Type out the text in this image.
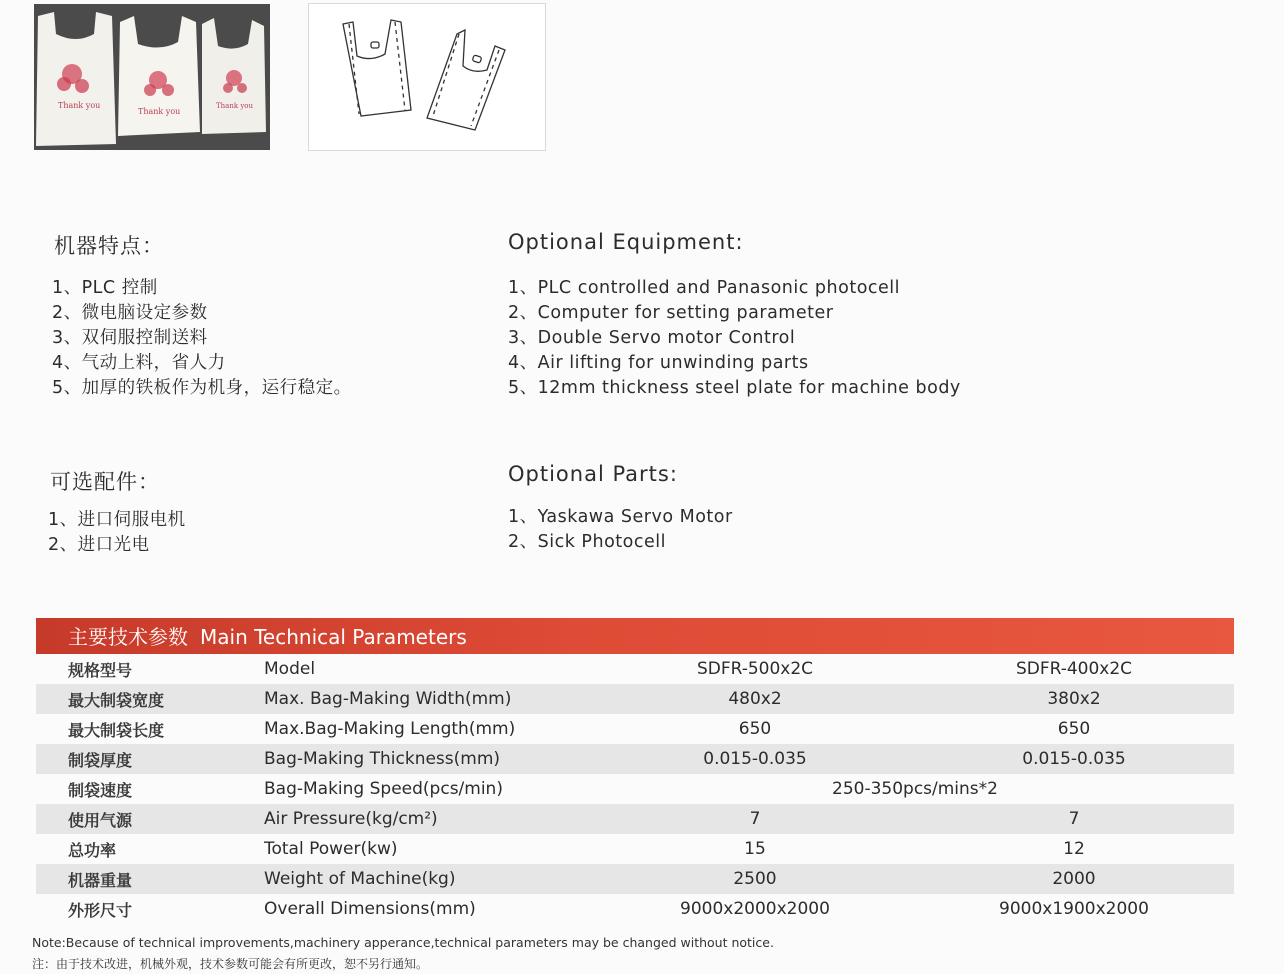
Thank you
Thank you
Thank you
机器特点：
1、PLC 控制
2、微电脑设定参数
3、双伺服控制送料
4、气动上料，省人力
5、加厚的铁板作为机身，运行稳定。
Optional Equipment:
1、PLC controlled and Panasonic photocell
2、Computer for setting parameter
3、Double Servo motor Control
4、Air lifting for unwinding parts
5、12mm thickness steel plate for machine body
可选配件：
1、进口伺服电机
2、进口光电
Optional Parts:
1、Yaskawa Servo Motor
2、Sick Photocell
主要技术参数 Main Technical Parameters
规格型号	Model	SDFR-500x2C	SDFR-400x2C
最大制袋宽度	Max. Bag-Making Width(mm)	480x2	380x2
最大制袋长度	Max.Bag-Making Length(mm)	650	650
制袋厚度	Bag-Making Thickness(mm)	0.015-0.035	0.015-0.035
制袋速度	Bag-Making Speed(pcs/min)	250-350pcs/mins*2	
使用气源	Air Pressure(kg/cm²)	7	7
总功率	Total Power(kw)	15	12
机器重量	Weight of Machine(kg)	2500	2000
外形尺寸	Overall Dimensions(mm)	9000x2000x2000	9000x1900x2000
Note:Because of technical improvements,machinery apperance,technical parameters may be changed without notice.
注：由于技术改进，机械外观，技术参数可能会有所更改，恕不另行通知。
